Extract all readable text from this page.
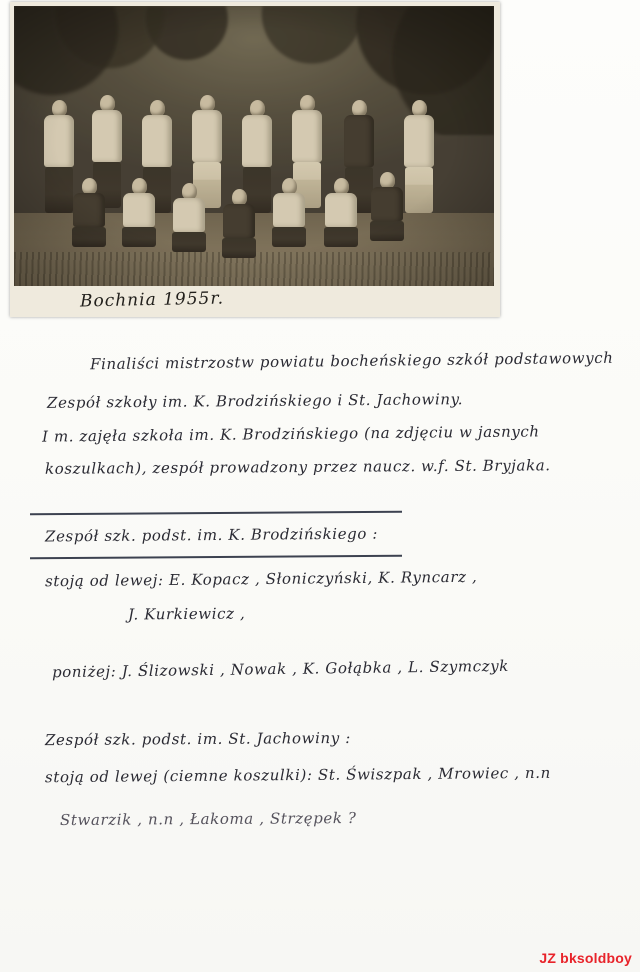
Bochnia 1955r.
Finaliści mistrzostw powiatu bocheńskiego szkół podstawowych
Zespół szkoły im. K. Brodzińskiego i St. Jachowiny.
I m. zajęła szkoła im. K. Brodzińskiego (na zdjęciu w jasnych
koszulkach), zespół prowadzony przez naucz. w.f. St. Bryjaka.
Zespół szk. podst. im. K. Brodzińskiego :
stoją od lewej: E. Kopacz , Słoniczyński, K. Ryncarz ,
J. Kurkiewicz ,
poniżej: J. Ślizowski , Nowak , K. Gołąbka , L. Szymczyk
Zespół szk. podst. im. St. Jachowiny :
stoją od lewej (ciemne koszulki): St. Świszpak , Mrowiec , n.n
Stwarzik , n.n , Łakoma , Strzępek ?
JZ bksoldboy
